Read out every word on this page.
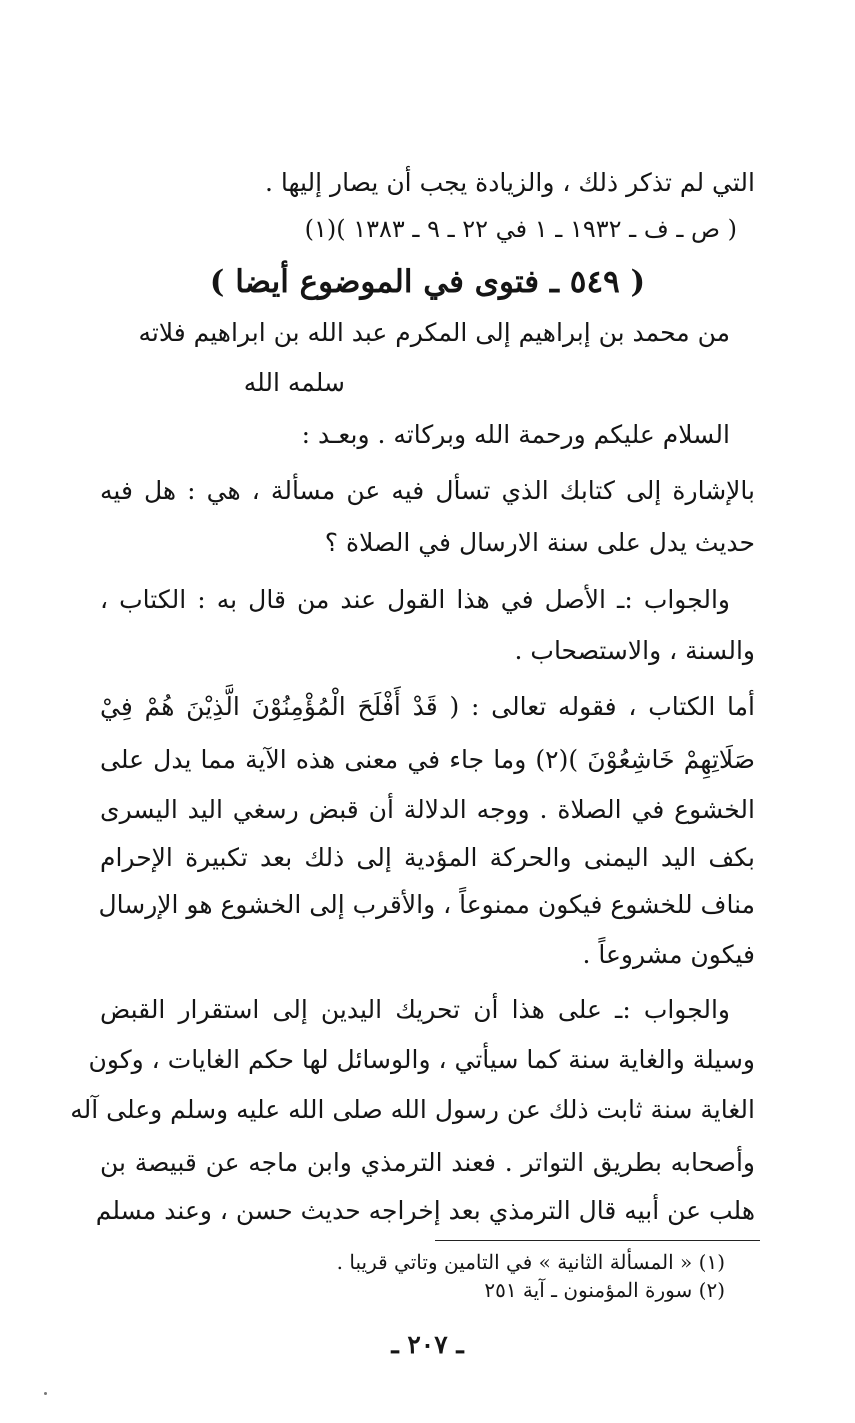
التي لم تذكر ذلك ، والزيادة يجب أن يصار إليها .
( ص ـ ف ـ ١٩٣٢ ـ ١ في ٢٢ ـ ٩ ـ ١٣٨٣ )(١)
( ٥٤٩ ـ فتوى في الموضوع أيضا )
من محمد بن إبراهيم إلى المكرم عبد الله بن ابراهيم فلاته
سلمه الله
السلام عليكم ورحمة الله وبركاته . وبعـد :
بالإشارة إلى كتابك الذي تسأل فيه عن مسألة ، هي : هل فيه
حديث يدل على سنة الارسال في الصلاة ؟
والجواب :ـ الأصل في هذا القول عند من قال به : الكتاب ،
والسنة ، والاستصحاب .
أما الكتاب ، فقوله تعالى : ( قَدْ أَفْلَحَ الْمُؤْمِنُوْنَ الَّذِيْنَ هُمْ فِيْ
صَلَاتِهِمْ خَاشِعُوْنَ )(٢) وما جاء في معنى هذه الآية مما يدل على
الخشوع في الصلاة . ووجه الدلالة أن قبض رسغي اليد اليسرى
بكف اليد اليمنى والحركة المؤدية إلى ذلك بعد تكبيرة الإحرام
مناف للخشوع فيكون ممنوعاً ، والأقرب إلى الخشوع هو الإرسال
فيكون مشروعاً .
والجواب :ـ على هذا أن تحريك اليدين إلى استقرار القبض
وسيلة والغاية سنة كما سيأتي ، والوسائل لها حكم الغايات ، وكون
الغاية سنة ثابت ذلك عن رسول الله صلى الله عليه وسلم وعلى آله
وأصحابه بطريق التواتر . فعند الترمذي وابن ماجه عن قبيصة بن
هلب عن أبيه قال الترمذي بعد إخراجه حديث حسن ، وعند مسلم
(١) « المسألة الثانية » في التامين وتاتي قريبا .
(٢) سورة المؤمنون ـ آية ٢٥١
ـ ٢٠٧ ـ
